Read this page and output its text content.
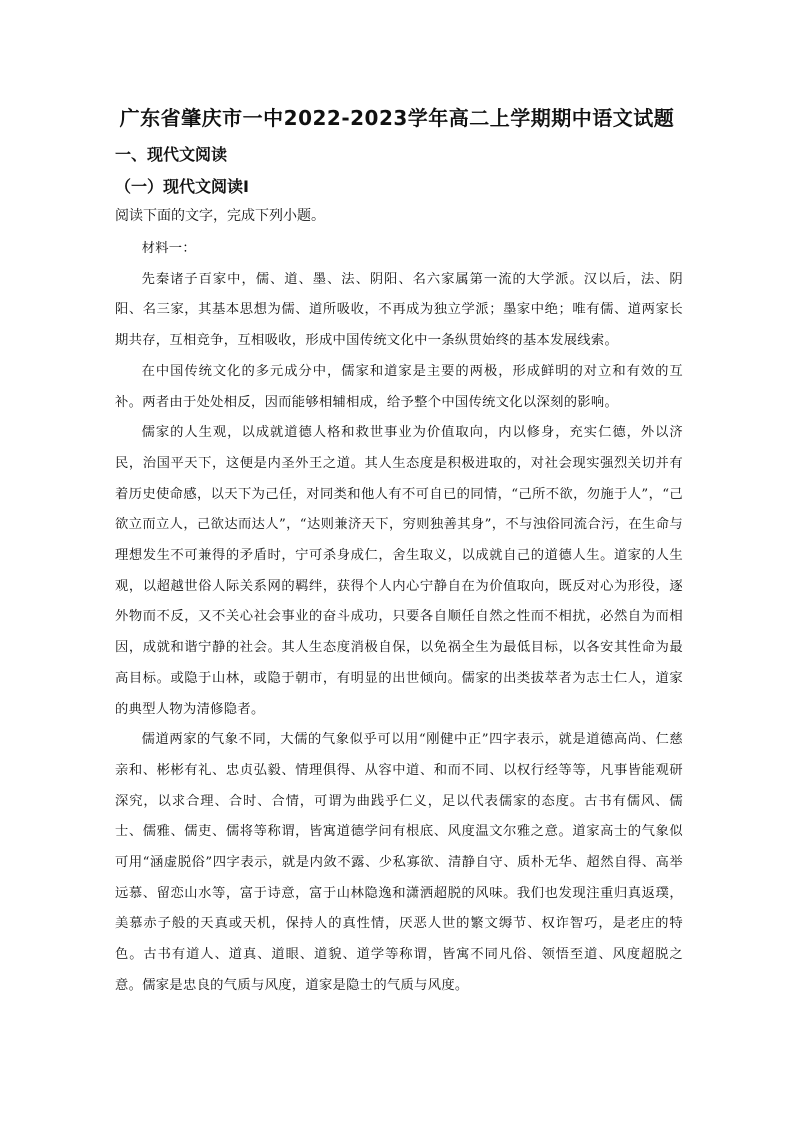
广东省肇庆市一中2022-2023学年高二上学期期中语文试题
一、现代文阅读
（一）现代文阅读Ⅰ
阅读下面的文字，完成下列小题。

材料一：

先秦诸子百家中，儒、道、墨、法、阴阳、名六家属第一流的大学派。汉以后，法、阴阳、名三家，其基本思想为儒、道所吸收，不再成为独立学派；墨家中绝；唯有儒、道两家长期共存，互相竞争，互相吸收，形成中国传统文化中一条纵贯始终的基本发展线索。

在中国传统文化的多元成分中，儒家和道家是主要的两极，形成鲜明的对立和有效的互补。两者由于处处相反，因而能够相辅相成，给予整个中国传统文化以深刻的影响。

儒家的人生观，以成就道德人格和救世事业为价值取向，内以修身，充实仁德，外以济民，治国平天下，这便是内圣外王之道。其人生态度是积极进取的，对社会现实强烈关切并有着历史使命感，以天下为己任，对同类和他人有不可自已的同情，“己所不欲，勿施于人”，“己欲立而立人，己欲达而达人”，“达则兼济天下，穷则独善其身”，不与浊俗同流合污，在生命与理想发生不可兼得的矛盾时，宁可杀身成仁，舍生取义，以成就自己的道德人生。道家的人生观，以超越世俗人际关系网的羁绊，获得个人内心宁静自在为价值取向，既反对心为形役，逐外物而不反，又不关心社会事业的奋斗成功，只要各自顺任自然之性而不相扰，必然自为而相因，成就和谐宁静的社会。其人生态度消极自保，以免祸全生为最低目标，以各安其性命为最高目标。或隐于山林，或隐于朝市，有明显的出世倾向。儒家的出类拔萃者为志士仁人，道家的典型人物为清修隐者。

儒道两家的气象不同，大儒的气象似乎可以用“刚健中正”四字表示，就是道德高尚、仁慈亲和、彬彬有礼、忠贞弘毅、情理俱得、从容中道、和而不同、以权行经等等，凡事皆能观研深究，以求合理、合时、合情，可谓为曲践乎仁义，足以代表儒家的态度。古书有儒风、儒士、儒雅、儒吏、儒将等称谓，皆寓道德学问有根底、风度温文尔雅之意。道家高士的气象似可用“涵虚脱俗”四字表示，就是内敛不露、少私寡欲、清静自守、质朴无华、超然自得、高举远慕、留恋山水等，富于诗意，富于山林隐逸和潇洒超脱的风味。我们也发现注重归真返璞，美慕赤子般的天真或天机，保持人的真性情，厌恶人世的繁文缛节、权诈智巧，是老庄的特色。古书有道人、道真、道眼、道貌、道学等称谓，皆寓不同凡俗、领悟至道、风度超脱之意。儒家是忠良的气质与风度，道家是隐士的气质与风度。
